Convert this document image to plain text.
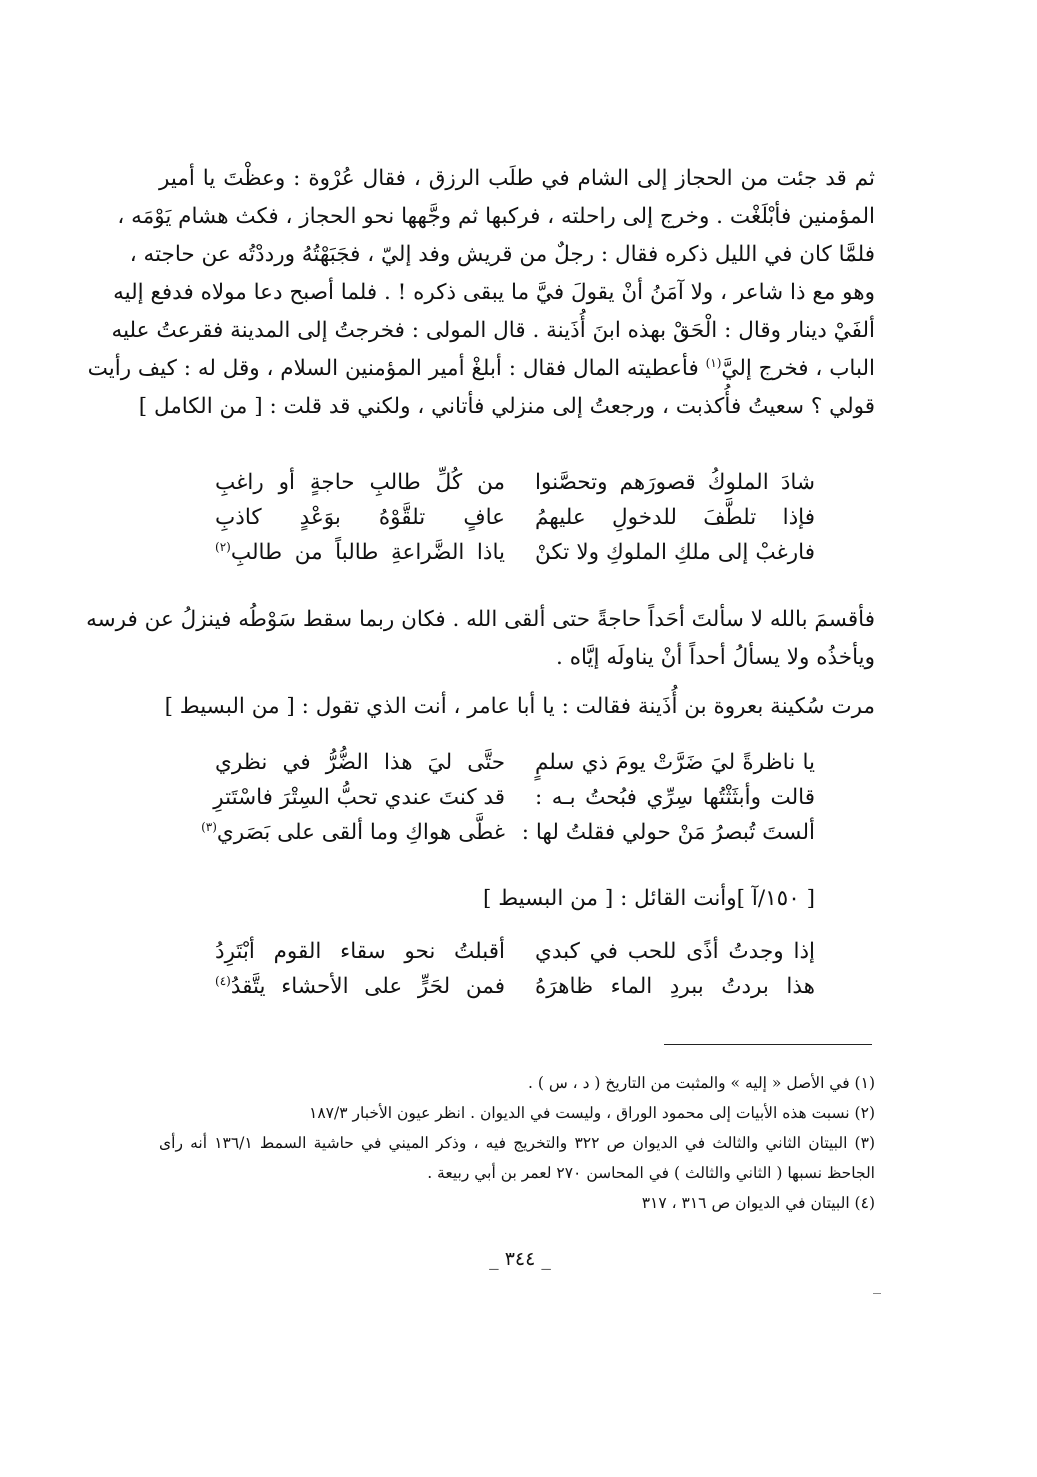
ثم قد جئت من الحجاز إلى الشام في طلَب الرزق ، فقال عُرْوة : وعظْتَ يا أمير
المؤمنين فأبْلَغْت . وخرج إلى راحلته ، فركبها ثم وجَّهها نحو الحجاز ، فكث هشام يَوْمَه ،
فلمَّا كان في الليل ذكره فقال : رجلٌ من قريش وفد إليّ ، فجَبَهْتُهُ ورددْتُه عن حاجته ،
وهو مع ذا شاعر ، ولا آمَنُ أنْ يقولَ فيَّ ما يبقى ذكره ! . فلما أصبح دعا مولاه فدفع إليه
ألفَيْ دينار وقال : الْحَقْ بهذه ابنَ أُذَينة . قال المولى : فخرجتُ إلى المدينة فقرعتُ عليه
الباب ، فخرج إليَّ$^{(١)}$ فأعطيته المال فقال : أبلغْ أمير المؤمنين السلام ، وقل له : كيف رأيت
قولي ؟ سعيتُ فأُكذبت ، ورجعتُ إلى منزلي فأتاني ، ولكني قد قلت : [ من الكامل ]
شادَ الملوكُ قصورَهم وتحصَّنوا
من كُلِّ طالبِ حاجةٍ أو راغبِ
فإذا تلطَّفَ للدخولِ عليهمُ
عافٍ تلقَّوْهُ بوَعْدٍ كاذبِ
فارغبْ إلى ملكِ الملوكِ ولا تكنْ
ياذا الضَّراعةِ طالباً من طالبِ$^{(٢)}$
فأقسمَ بالله لا سألتَ أحَداً حاجةً حتى ألقى الله . فكان ربما سقط سَوْطُه فينزلُ عن فرسه
ويأخذُه ولا يسألُ أحداً أنْ يناولَه إيَّاه .
مرت سُكينة بعروة بن أُذَينة فقالت : يا أبا عامر ، أنت الذي تقول : [ من البسيط ]
يا ناظرةً ليَ ضَرَّتْ يومَ ذي سلمٍ
حتَّى ليَ هذا الضُّرُّ في نظري
قالت وأبثَثْتُها سِرِّي فبُحتُ بـه :
قد كنتَ عندي تحبُّ السِتْرَ فاسْتَترِ
ألستَ تُبصرُ مَنْ حولي فقلتُ لها :
غطَّى هواكِ وما ألقى على بَصَري$^{(٣)}$
[ ١٥٠/آ ]وأنت القائل : [ من البسيط ]
إذا وجدتُ أذًى للحب في كبدي
أقبلتُ نحو سقاء القوم أبْتَرِدُ
هذا بردتُ ببردِ الماء ظاهرَهُ
فمن لحَرٍّ على الأحشاء يتَّقدُ$^{(٤)}$
(١) في الأصل « إليه » والمثبت من التاريخ ( د ، س ) .
(٢) نسبت هذه الأبيات إلى محمود الوراق ، وليست في الديوان . انظر عيون الأخبار ١٨٧/٣
(٣) البيتان الثاني والثالث في الديوان ص ٣٢٢ والتخريج فيه ، وذكر الميني في حاشية السمط ١٣٦/١ أنه رأى
الجاحظ نسبها ( الثاني والثالث ) في المحاسن ٢٧٠ لعمر بن أبي ربيعة .
(٤) البيتان في الديوان ص ٣١٦ ، ٣١٧
_ ٣٤٤ _
